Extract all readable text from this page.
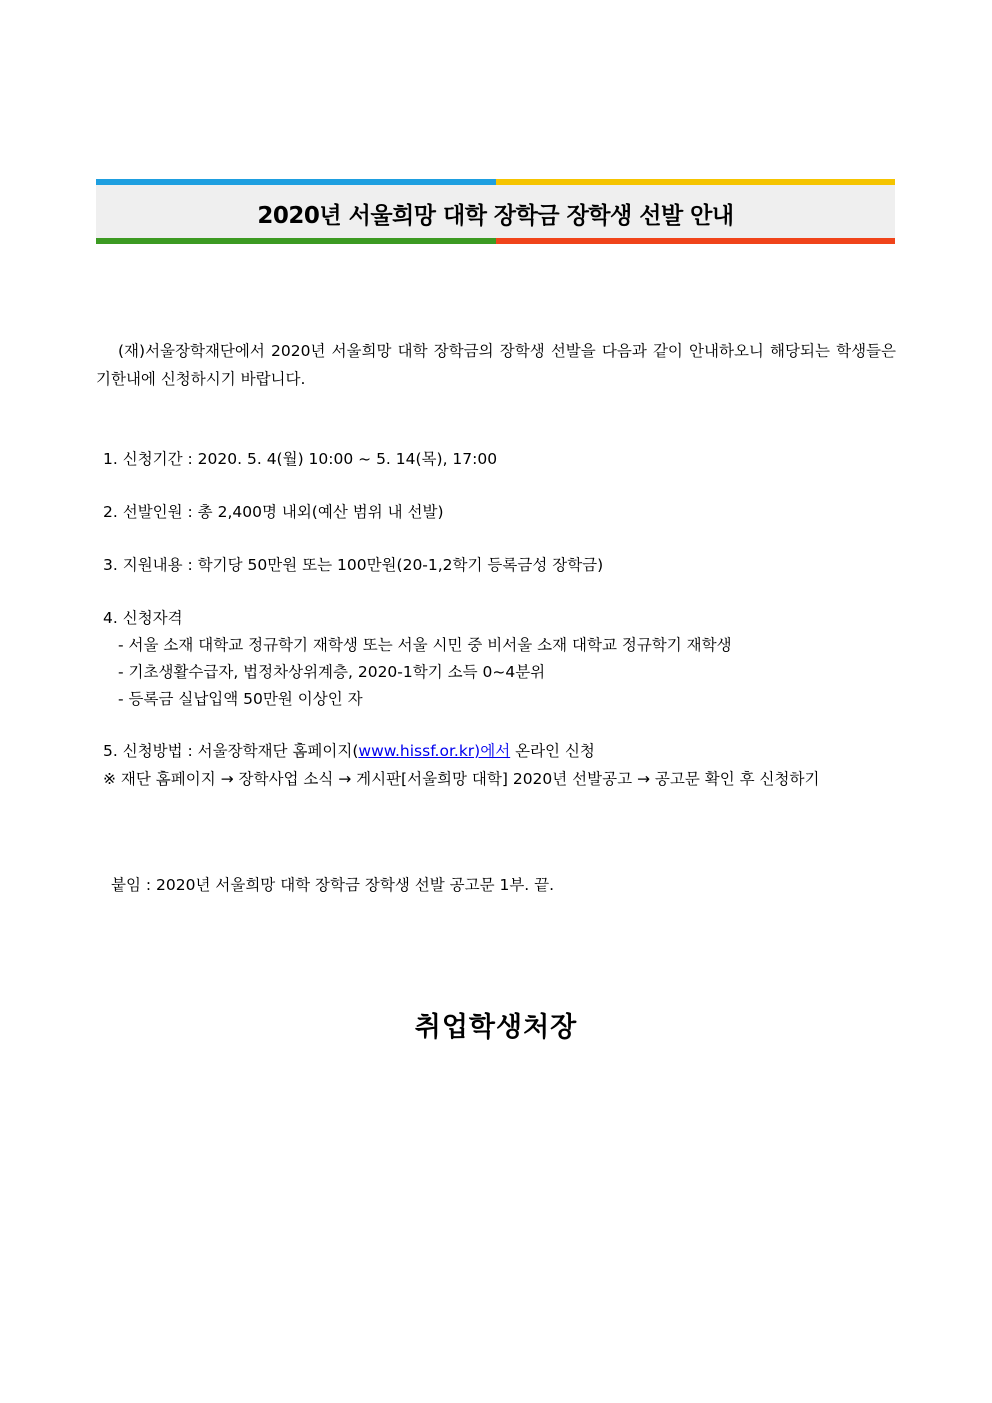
2020년 서울희망 대학 장학금 장학생 선발 안내

(재)서울장학재단에서 2020년 서울희망 대학 장학금의 장학생 선발을 다음과 같이 안내하오니 해당되는 학생들은 기한내에 신청하시기 바랍니다.

1. 신청기간 : 2020. 5. 4(월) 10:00 ~ 5. 14(목), 17:00

2. 선발인원 : 총 2,400명 내외(예산 범위 내 선발)

3. 지원내용 : 학기당 50만원 또는 100만원(20-1,2학기 등록금성 장학금)

4. 신청자격

- 서울 소재 대학교 정규학기 재학생 또는 서울 시민 중 비서울 소재 대학교 정규학기 재학생

- 기초생활수급자, 법정차상위계층, 2020-1학기 소득 0~4분위

- 등록금 실납입액 50만원 이상인 자

5. 신청방법 : 서울장학재단 홈페이지(www.hissf.or.kr)에서 온라인 신청

※ 재단 홈페이지 → 장학사업 소식 → 게시판[서울희망 대학] 2020년 선발공고 → 공고문 확인 후 신청하기

붙임 : 2020년 서울희망 대학 장학금 장학생 선발 공고문 1부. 끝.

취업학생처장
